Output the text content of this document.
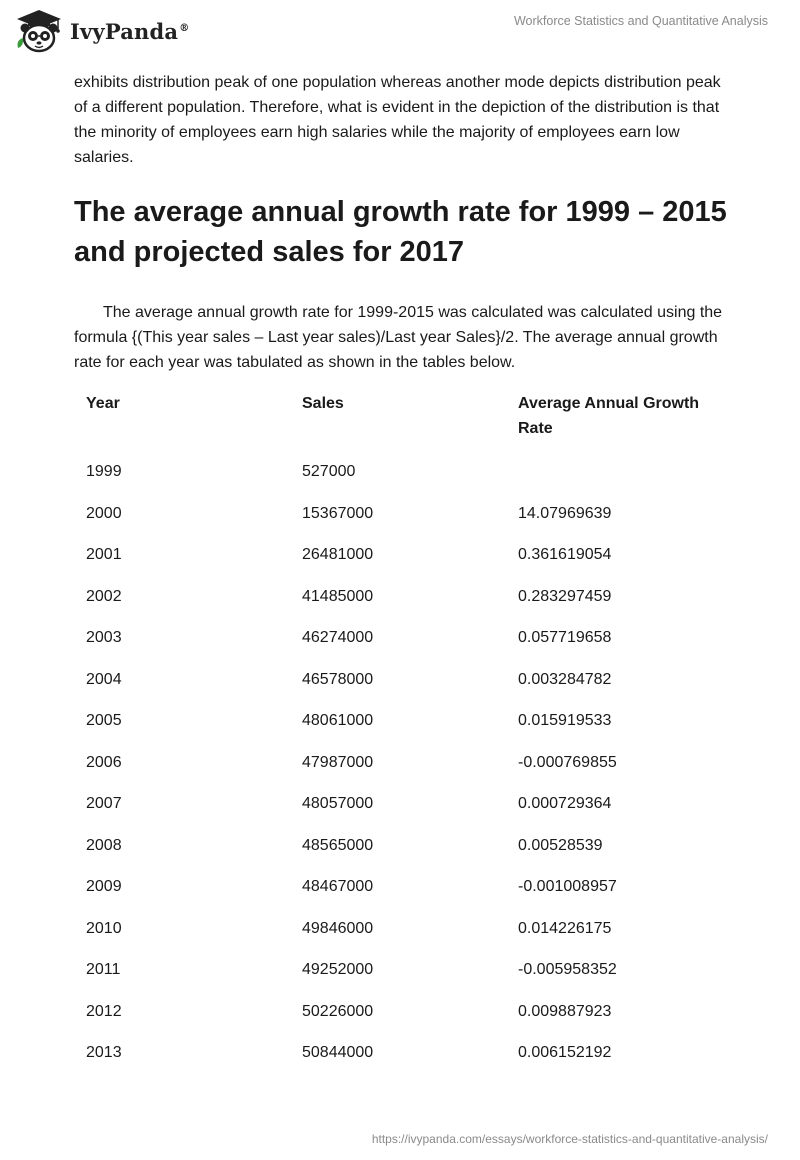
IvyPanda®	Workforce Statistics and Quantitative Analysis

exhibits distribution peak of one population whereas another mode depicts distribution peak of a different population. Therefore, what is evident in the depiction of the distribution is that the minority of employees earn high salaries while the majority of employees earn low salaries.

The average annual growth rate for 1999 – 2015 and projected sales for 2017

The average annual growth rate for 1999-2015 was calculated was calculated using the formula {(This year sales – Last year sales)/Last year Sales}/2. The average annual growth rate for each year was tabulated as shown in the tables below.

Year	Sales	Average Annual Growth Rate
1999	527000	
2000	15367000	14.07969639
2001	26481000	0.361619054
2002	41485000	0.283297459
2003	46274000	0.057719658
2004	46578000	0.003284782
2005	48061000	0.015919533
2006	47987000	-0.000769855
2007	48057000	0.000729364
2008	48565000	0.00528539
2009	48467000	-0.001008957
2010	49846000	0.014226175
2011	49252000	-0.005958352
2012	50226000	0.009887923
2013	50844000	0.006152192
https://ivypanda.com/essays/workforce-statistics-and-quantitative-analysis/
